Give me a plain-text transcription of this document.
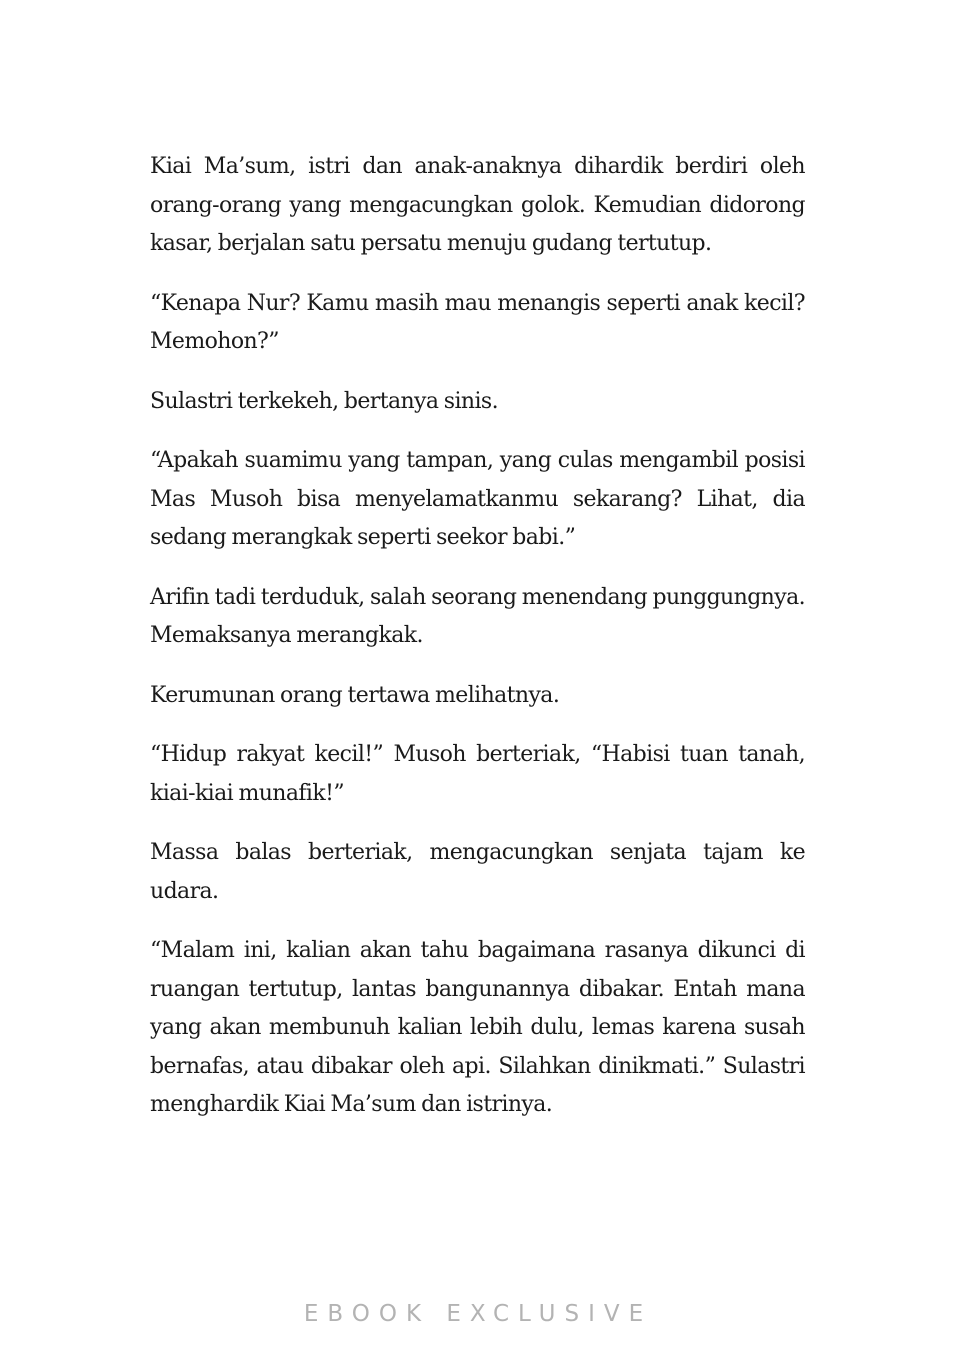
Kiai Ma’sum, istri dan anak-anaknya dihardik berdiri oleh orang-orang yang mengacungkan golok. Kemudian didorong kasar, berjalan satu persatu menuju gudang tertutup.

“Kenapa Nur? Kamu masih mau menangis seperti anak kecil? Memohon?”

Sulastri terkekeh, bertanya sinis.

“Apakah suamimu yang tampan, yang culas mengambil posisi Mas Musoh bisa menyelamatkanmu sekarang? Lihat, dia sedang merangkak seperti seekor babi.”

Arifin tadi terduduk, salah seorang menendang punggungnya. Memaksanya merangkak.

Kerumunan orang tertawa melihatnya.

“Hidup rakyat kecil!” Musoh berteriak, “Habisi tuan tanah, kiai-kiai munafik!”

Massa balas berteriak, mengacungkan senjata tajam ke udara.

“Malam ini, kalian akan tahu bagaimana rasanya dikunci di ruangan tertutup, lantas bangunannya dibakar. Entah mana yang akan membunuh kalian lebih dulu, lemas karena susah bernafas, atau dibakar oleh api. Silahkan dinikmati.” Sulastri menghardik Kiai Ma’sum dan istrinya.

EBOOK EXCLUSIVE
